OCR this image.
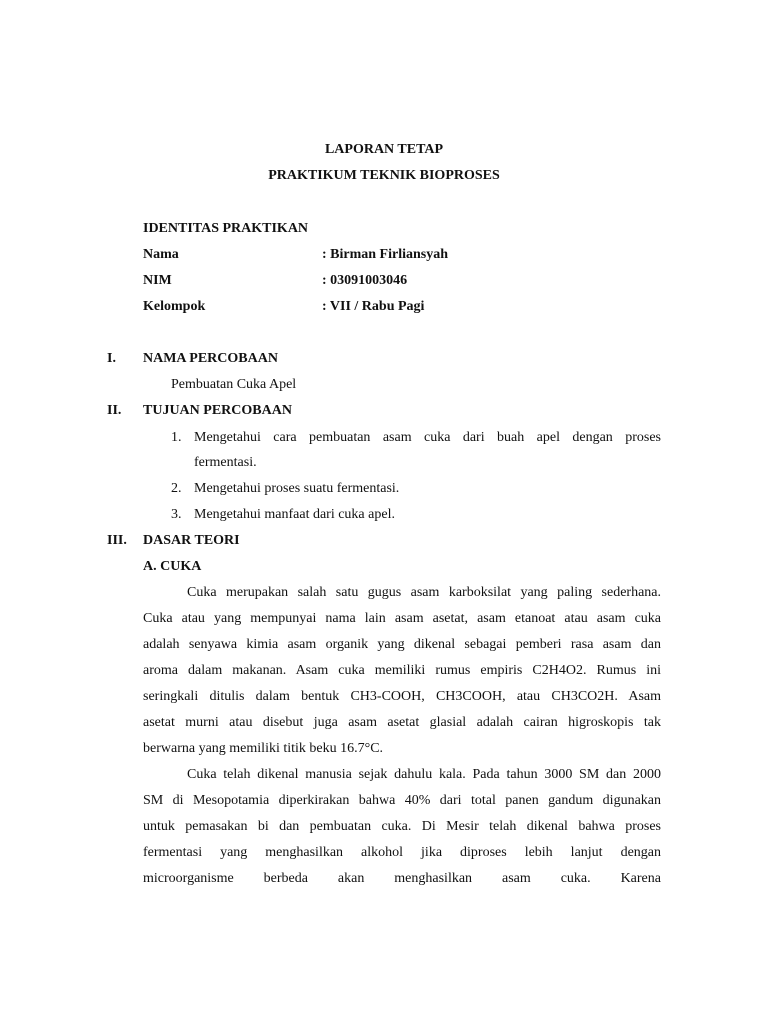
LAPORAN TETAP
PRAKTIKUM TEKNIK BIOPROSES
IDENTITAS PRAKTIKAN
Nama	: Birman Firliansyah
NIM	: 03091003046
Kelompok	: VII / Rabu Pagi
I. NAMA PERCOBAAN
Pembuatan Cuka Apel
II. TUJUAN PERCOBAAN
1. Mengetahui cara pembuatan asam cuka dari buah apel dengan proses
fermentasi.
2. Mengetahui proses suatu fermentasi.
3. Mengetahui manfaat dari cuka apel.
III. DASAR TEORI
A. CUKA
Cuka merupakan salah satu gugus asam karboksilat yang paling sederhana.
Cuka atau yang mempunyai nama lain asam asetat, asam etanoat atau asam cuka
adalah senyawa kimia asam organik yang dikenal sebagai pemberi rasa asam dan
aroma dalam makanan. Asam cuka memiliki rumus empiris C2H4O2. Rumus ini
seringkali ditulis dalam bentuk CH3-COOH, CH3COOH, atau CH3CO2H. Asam
asetat murni atau disebut juga asam asetat glasial adalah cairan higroskopis tak
berwarna yang memiliki titik beku 16.7°C.
Cuka telah dikenal manusia sejak dahulu kala. Pada tahun 3000 SM dan 2000
SM di Mesopotamia diperkirakan bahwa 40% dari total panen gandum digunakan
untuk pemasakan bi dan pembuatan cuka. Di Mesir telah dikenal bahwa proses
fermentasi yang menghasilkan alkohol jika diproses lebih lanjut dengan
microorganisme berbeda akan menghasilkan asam cuka. Karena
